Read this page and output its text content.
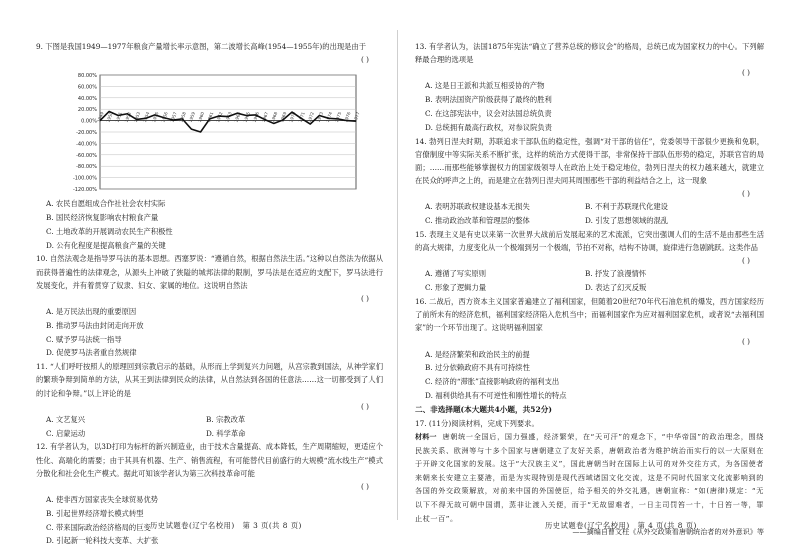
9. 下图是我国1949—1977年粮食产量增长率示意图，第二波增长高峰(1954—1955年)的出现是由于

( )

80.00%
60.00%
40.00%
20.00%
0.00%
-20.00%
-40.00%
-60.00%
-80.00%
-100.00%
-120.00%
1949 1950 1951 1952 1953 1954 1955 1956 1957 1958 1959 1960 1961 1962 1963 1964 1965 1966 1967 1968 1969 1970 1971 1972 1973 1974 1975 1976 1977

A. 农民自愿组成合作社社会农村实际

B. 国民经济恢复影响农村粮食产量

C. 土地改革的开展调动农民生产积极性

D. 公有化程度是提高粮食产量的关键

10. 自然法观念是指导罗马法的基本思想。西塞罗说：“遵循自然，根据自然法生活。”这种以自然法为依据从而获得普遍性的法律观念，从源头上冲破了狭隘的城邦法律的限制，罗马法是在适应的支配下，罗马法进行发展变化，并有着贯穿了奴隶、妇女、家属的地位。这说明自然法

( )

A. 是万民法出现的重要原因

B. 推动罗马法由封闭走向开放

C. 赋予罗马法统一指导

D. 促使罗马法者重自然规律

11. “人们呼吁按照人的原理回到宗教启示的基础，从形而上学到复兴力问题，从宫宗教到国法，从神学家们的繁琐争辩到简单的方法，从其王到法律到民众的法律，从自然法到各国的任意法……这一切都受到了人们的讨论和争辩。”以上评论的是

( )

A. 文艺复兴	B. 宗教改革
C. 启蒙运动	D. 科学革命

12. 有学者认为，以3D打印为标杆的新兴制造业，由于技术含量提高、成本降低，生产周期缩短，更适应个性化、高端化的需要；由于其具有机器、生产、销售流程，有可能替代目前盛行的大规模“流水线生产”模式分散化和社会化生产模式。据此可知该学者认为第三次科技革命可能

( )

A. 使非西方国家丧失全球贸易优势

B. 引起世界经济增长模式转型

C. 带来国际政治经济格局的巨变

D. 引起新一轮科技大变革、大扩张

13. 有学者认为，法国1875年宪法“确立了营养总统的修议会”的格局，总统已成为国家权力的中心。下列解释最合理的选项是

( )

A. 这是日王派和共派互相妥协的产物

B. 表明法国资产阶级获得了最终的胜利

C. 在这部宪法中，议会对法国总统负责

D. 总统拥有最高行政权，对参议院负责

14. 勃列日涅夫时期，苏联追求干部队伍的稳定性，强调“对干部的信任”，党委领导干部很少更换和免职，官僚制度中等实际关系不断扩张，这样的统治方式使得干部，非常保持干部队伍形势的稳定，苏联官官的局面；……而那些能够掌握权力的国家级领导人在政治上处于稳定地位，勃列日涅夫的权力越来越大，就建立在民众的呼声之上的，而是建立在勃列日涅夫同其周围那些干部的利益结合之上，这一现象

( )

A. 表明苏联政权建设基本无损失	B. 不利于苏联现代化建设
C. 推动政治改革和管理层的整体	D. 引发了思想领域的混乱

15. 表现主义是有史以来第一次世界大战前后发展起来的艺术流派，它突出强调人们的生活不是由那些生活的高大规律，力度变化从一个极端到另一个极端，节拍不对称，结构不协调，旋律进行急剧跳跃。这类作品

( )

A. 遵循了写实原则	B. 抒发了浪漫情怀
C. 形象了逻辑力量	D. 表达了幻灭反叛

16. 二战后，西方资本主义国家普遍建立了福利国家，但随着20世纪70年代石油危机的爆发，西方国家经历了前所未有的经济危机，福利国家经济陷入危机当中；而福利国家作为应对福利国家危机，或者说“去福利国家”的一个环节出现了。这说明福利国家

( )

A. 是经济繁荣和政治民主的前提

B. 过分依赖政府不具有可持续性

C. 经济的“滞胀”直接影响政府的福利支出

D. 福利供给具有不可逆性和刚性增长的特点

二、非选择题(本大题共4小题，共52分)

17. (11分)阅读材料，完成下列要求。

材料一 唐朝统一全国后，国力强盛，经济繁荣，在“天可汗”的观念下，“中华帝国”的政治理念，围绕民族关系、欧洲等与十多个国家与唐朝建立了友好关系，唐朝政治者为维护统治而实行的以一大原则在于开辟文化国家的发展。这于“大汉族主义”，国此唐朝当时在国际上认可的对外交往方式，为各国使者来朝来长安建立主要港，而是为实现特别是现代西域诸国文化交流，这是不同时代国家文化流影响到的各国的外交政策解放，对前来中国的外国使臣，给予相关的外交礼遇，唐朝宣称：“如(唐律)规定：“无以下不得无故可朝中国谓，蒸非让渡入关便，而于“无故留难者，一日主司罚笞一十，十日笞一等，罪止杖一百”。

——摘编自曹文柱《从外交政策看唐朝统治者的对外意识》等

历史试题卷(辽宁名校用)　第 3 页(共 8 页)	历史试题卷(辽宁名校用)　第 4 页(共 8 页)
